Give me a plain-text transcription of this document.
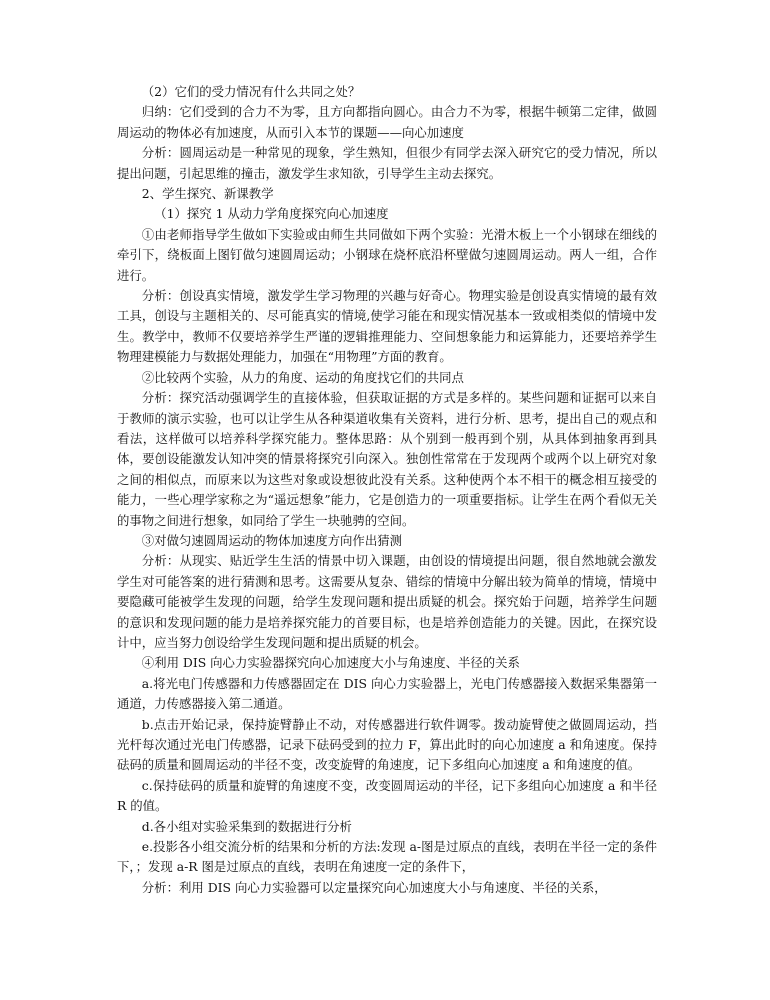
（2）它们的受力情况有什么共同之处？

归纳：它们受到的合力不为零，且方向都指向圆心。由合力不为零，根据牛顿第二定律，做圆周运动的物体必有加速度，从而引入本节的课题——向心加速度

分析：圆周运动是一种常见的现象，学生熟知，但很少有同学去深入研究它的受力情况，所以提出问题，引起思维的撞击，激发学生求知欲，引导学生主动去探究。

2、学生探究、新课教学

（1）探究 1 从动力学角度探究向心加速度

①由老师指导学生做如下实验或由师生共同做如下两个实验：光滑木板上一个小钢球在细线的牵引下，绕板面上图钉做匀速圆周运动；小钢球在烧杯底沿杯壁做匀速圆周运动。两人一组，合作进行。

分析：创设真实情境，激发学生学习物理的兴趣与好奇心。物理实验是创设真实情境的最有效工具，创设与主题相关的、尽可能真实的情境,使学习能在和现实情况基本一致或相类似的情境中发生。教学中，教师不仅要培养学生严谨的逻辑推理能力、空间想象能力和运算能力，还要培养学生物理建模能力与数据处理能力，加强在“用物理”方面的教育。

②比较两个实验，从力的角度、运动的角度找它们的共同点

分析：探究活动强调学生的直接体验，但获取证据的方式是多样的。某些问题和证据可以来自于教师的演示实验，也可以让学生从各种渠道收集有关资料，进行分析、思考，提出自己的观点和看法，这样做可以培养科学探究能力。整体思路：从个别到一般再到个别，从具体到抽象再到具体，要创设能激发认知冲突的情景将探究引向深入。独创性常常在于发现两个或两个以上研究对象之间的相似点，而原来以为这些对象或设想彼此没有关系。这种使两个本不相干的概念相互接受的能力，一些心理学家称之为“遥远想象”能力，它是创造力的一项重要指标。让学生在两个看似无关的事物之间进行想象，如同给了学生一块驰骋的空间。

③对做匀速圆周运动的物体加速度方向作出猜测

分析：从现实、贴近学生生活的情景中切入课题，由创设的情境提出问题，很自然地就会激发学生对可能答案的进行猜测和思考。这需要从复杂、错综的情境中分解出较为简单的情境，情境中要隐藏可能被学生发现的问题，给学生发现问题和提出质疑的机会。探究始于问题，培养学生问题的意识和发现问题的能力是培养探究能力的首要目标，也是培养创造能力的关键。因此，在探究设计中，应当努力创设给学生发现问题和提出质疑的机会。

④利用 DIS 向心力实验器探究向心加速度大小与角速度、半径的关系

a.将光电门传感器和力传感器固定在 DIS 向心力实验器上，光电门传感器接入数据采集器第一通道，力传感器接入第二通道。

b.点击开始记录，保持旋臂静止不动，对传感器进行软件调零。拨动旋臂使之做圆周运动，挡光杆每次通过光电门传感器，记录下砝码受到的拉力 F，算出此时的向心加速度 a 和角速度。保持砝码的质量和圆周运动的半径不变，改变旋臂的角速度，记下多组向心加速度 a 和角速度的值。

c.保持砝码的质量和旋臂的角速度不变，改变圆周运动的半径，记下多组向心加速度 a 和半径 R 的值。

d.各小组对实验采集到的数据进行分析

e.投影各小组交流分析的结果和分析的方法:发现 a-图是过原点的直线，表明在半径一定的条件下，；发现 a-R 图是过原点的直线，表明在角速度一定的条件下，

分析：利用 DIS 向心力实验器可以定量探究向心加速度大小与角速度、半径的关系，
